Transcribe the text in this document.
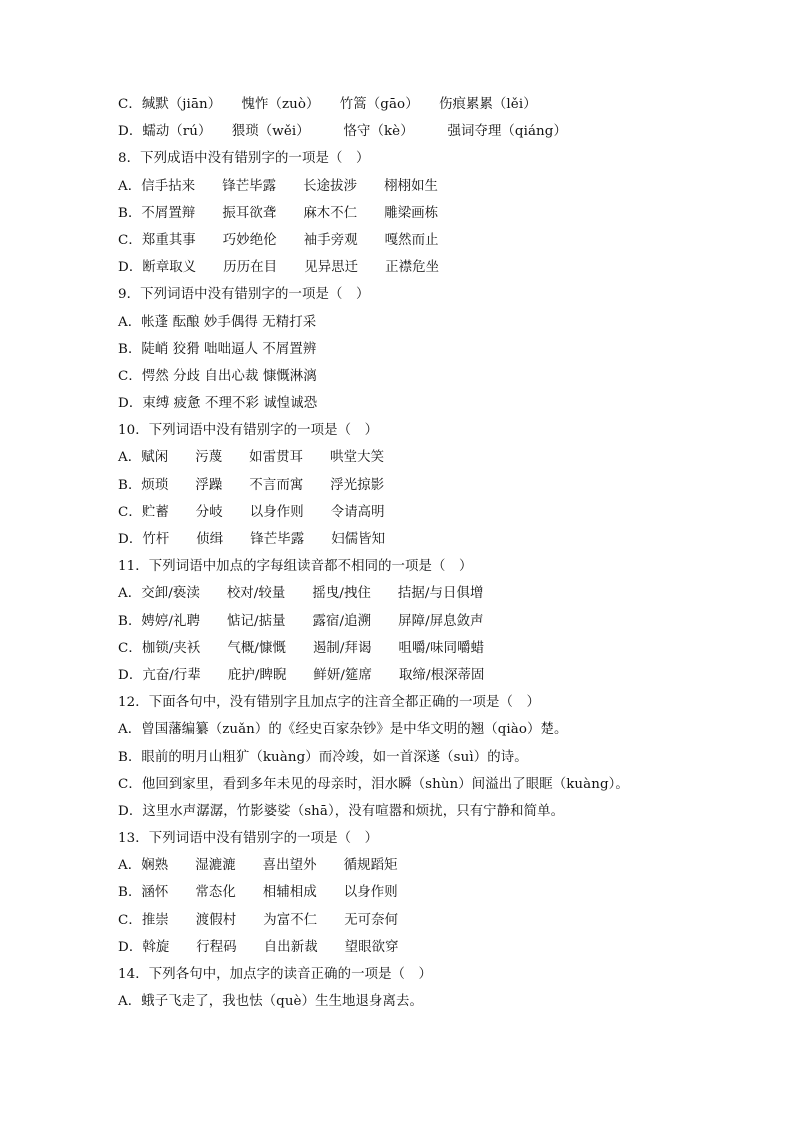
C．缄默（jiān）　　愧怍（zuò）　　竹篙（gāo）　　伤痕累累（lěi）
D．蠕动（rú）　　猥琐（wěi）　　　恪守（kè）　　　强词夺理（qiáng）
8．下列成语中没有错别字的一项是（　）
A．信手拈来　　锋芒毕露　　长途拔涉　　栩栩如生
B．不屑置辩　　振耳欲聋　　麻木不仁　　雕梁画栋
C．郑重其事　　巧妙绝伦　　袖手旁观　　嘎然而止
D．断章取义　　历历在目　　见异思迁　　正襟危坐
9．下列词语中没有错别字的一项是（　）
A．帐蓬 酝酿 妙手偶得 无精打采
B．陡峭 狡猾 咄咄逼人 不屑置辨
C．愕然 分歧 自出心裁 慷慨淋漓
D．束缚 疲惫 不理不彩 诚惶诚恐
10．下列词语中没有错别字的一项是（　）
A．赋闲　　污蔑　　如雷贯耳　　哄堂大笑
B．烦琐　　浮躁　　不言而寓　　浮光掠影
C．贮蓄　　分岐　　以身作则　　令请高明
D．竹杆　　侦缉　　锋芒毕露　　妇儒皆知
11．下列词语中加点的字每组读音都不相同的一项是（　）
A．交卸/亵渎　　校对/较量　　摇曳/拽住　　拮据/与日俱增
B．娉婷/礼聘　　惦记/掂量　　露宿/追溯　　屏障/屏息敛声
C．枷锁/夹袄　　气概/慷慨　　遏制/拜谒　　咀嚼/味同嚼蜡
D．亢奋/行辈　　庇护/睥睨　　鲜妍/筵席　　取缔/根深蒂固
12．下面各句中，没有错别字且加点字的注音全都正确的一项是（　）
A．曾国藩编纂（zuǎn）的《经史百家杂钞》是中华文明的翘（qiào）楚。
B．眼前的明月山粗犷（kuàng）而冷竣，如一首深遂（suì）的诗。
C．他回到家里，看到多年未见的母亲时，泪水瞬（shùn）间溢出了眼眶（kuàng）。
D．这里水声潺潺，竹影婆娑（shā），没有喧嚣和烦扰，只有宁静和简单。
13．下列词语中没有错别字的一项是（　）
A．娴熟　　湿漉漉　　喜出望外　　循规蹈矩
B．涵怀　　常态化　　相辅相成　　以身作则
C．推崇　　渡假村　　为富不仁　　无可奈何
D．斡旋　　行程码　　自出新裁　　望眼欲穿
14．下列各句中，加点字的读音正确的一项是（　）
A．蛾子飞走了，我也怯（què）生生地退身离去。
